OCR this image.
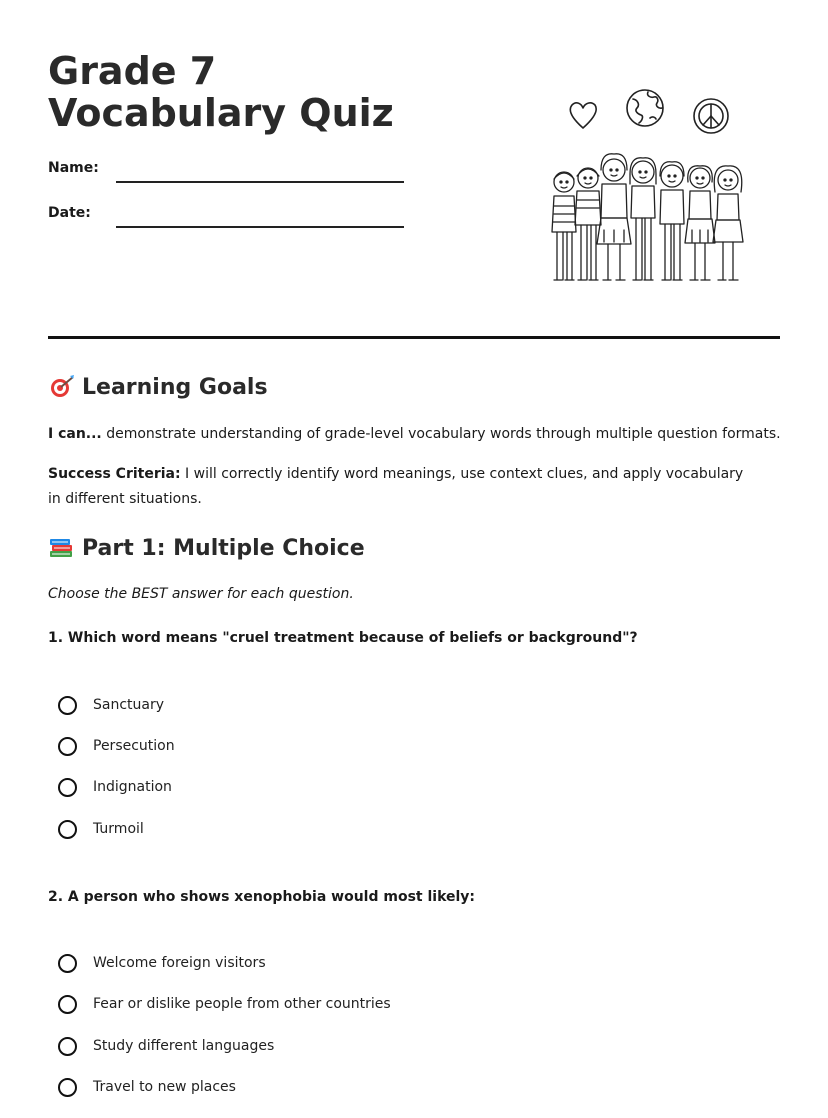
Grade 7 Vocabulary Quiz
Name:
Date:
Learning Goals

I can... demonstrate understanding of grade-level vocabulary words through multiple question formats.

Success Criteria: I will correctly identify word meanings, use context clues, and apply vocabulary in different situations.

Part 1: Multiple Choice

Choose the BEST answer for each question.

1. Which word means "cruel treatment because of beliefs or background"?

Sanctuary
Persecution
Indignation
Turmoil

2. A person who shows xenophobia would most likely:

Welcome foreign visitors
Fear or dislike people from other countries
Study different languages
Travel to new places
